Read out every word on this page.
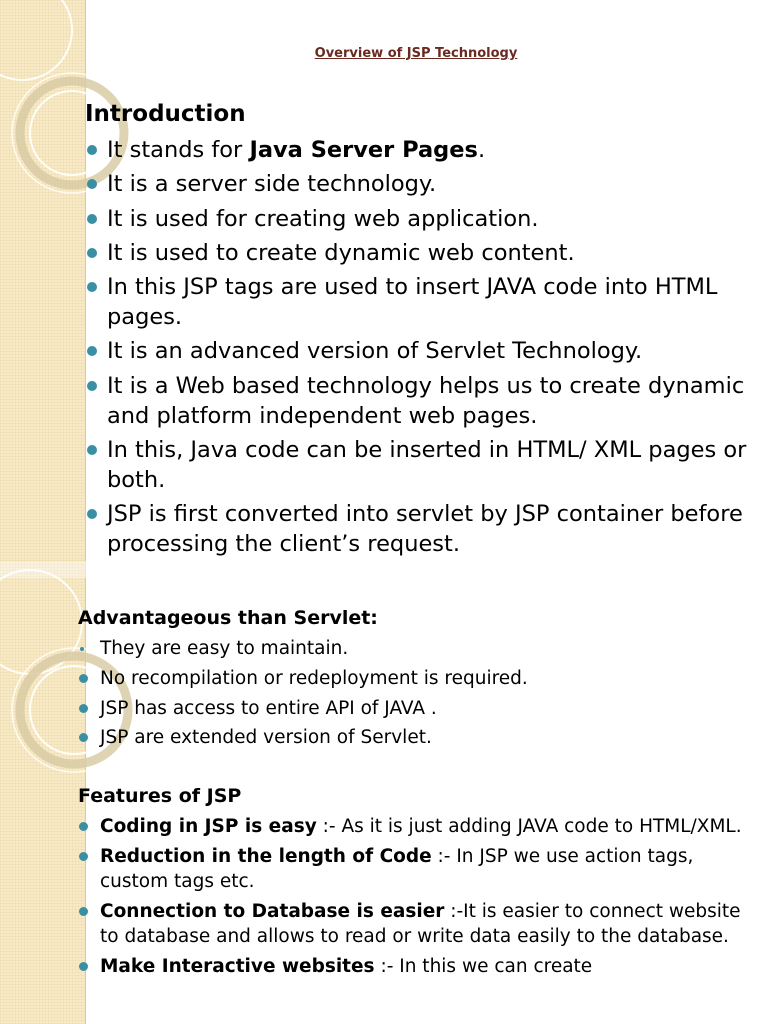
Overview of JSP Technology
Introduction
It stands for Java Server Pages.
It is a server side technology.
It is used for creating web application.
It is used to create dynamic web content.
In this JSP tags are used to insert JAVA code into HTML pages.
It is an advanced version of Servlet Technology.
It is a Web based technology helps us to create dynamic and platform independent web pages.
In this, Java code can be inserted in HTML/ XML pages or both.
JSP is first converted into servlet by JSP container before processing the client’s request.
Advantageous than Servlet:
They are easy to maintain.
No recompilation or redeployment is required.
JSP has access to entire API of JAVA .
JSP are extended version of Servlet.
Features of JSP
Coding in JSP is easy :- As it is just adding JAVA code to HTML/XML.
Reduction in the length of Code :- In JSP we use action tags, custom tags etc.
Connection to Database is easier :-It is easier to connect website to database and allows to read or write data easily to the database.
Make Interactive websites :- In this we can create
